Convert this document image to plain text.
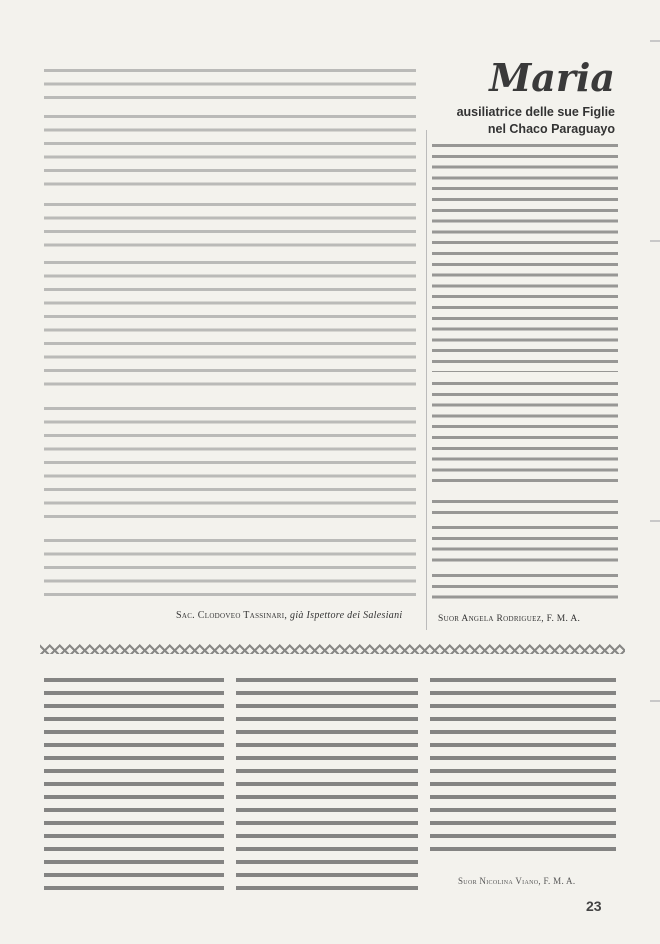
Sac. Clodoveo Tassinari, già Ispettore dei Salesiani
Maria
ausiliatrice delle sue Figlie
nel Chaco Paraguayo
Suor Angela Rodriguez, F. M. A.
Suor Nicolina Viano, F. M. A.
23
